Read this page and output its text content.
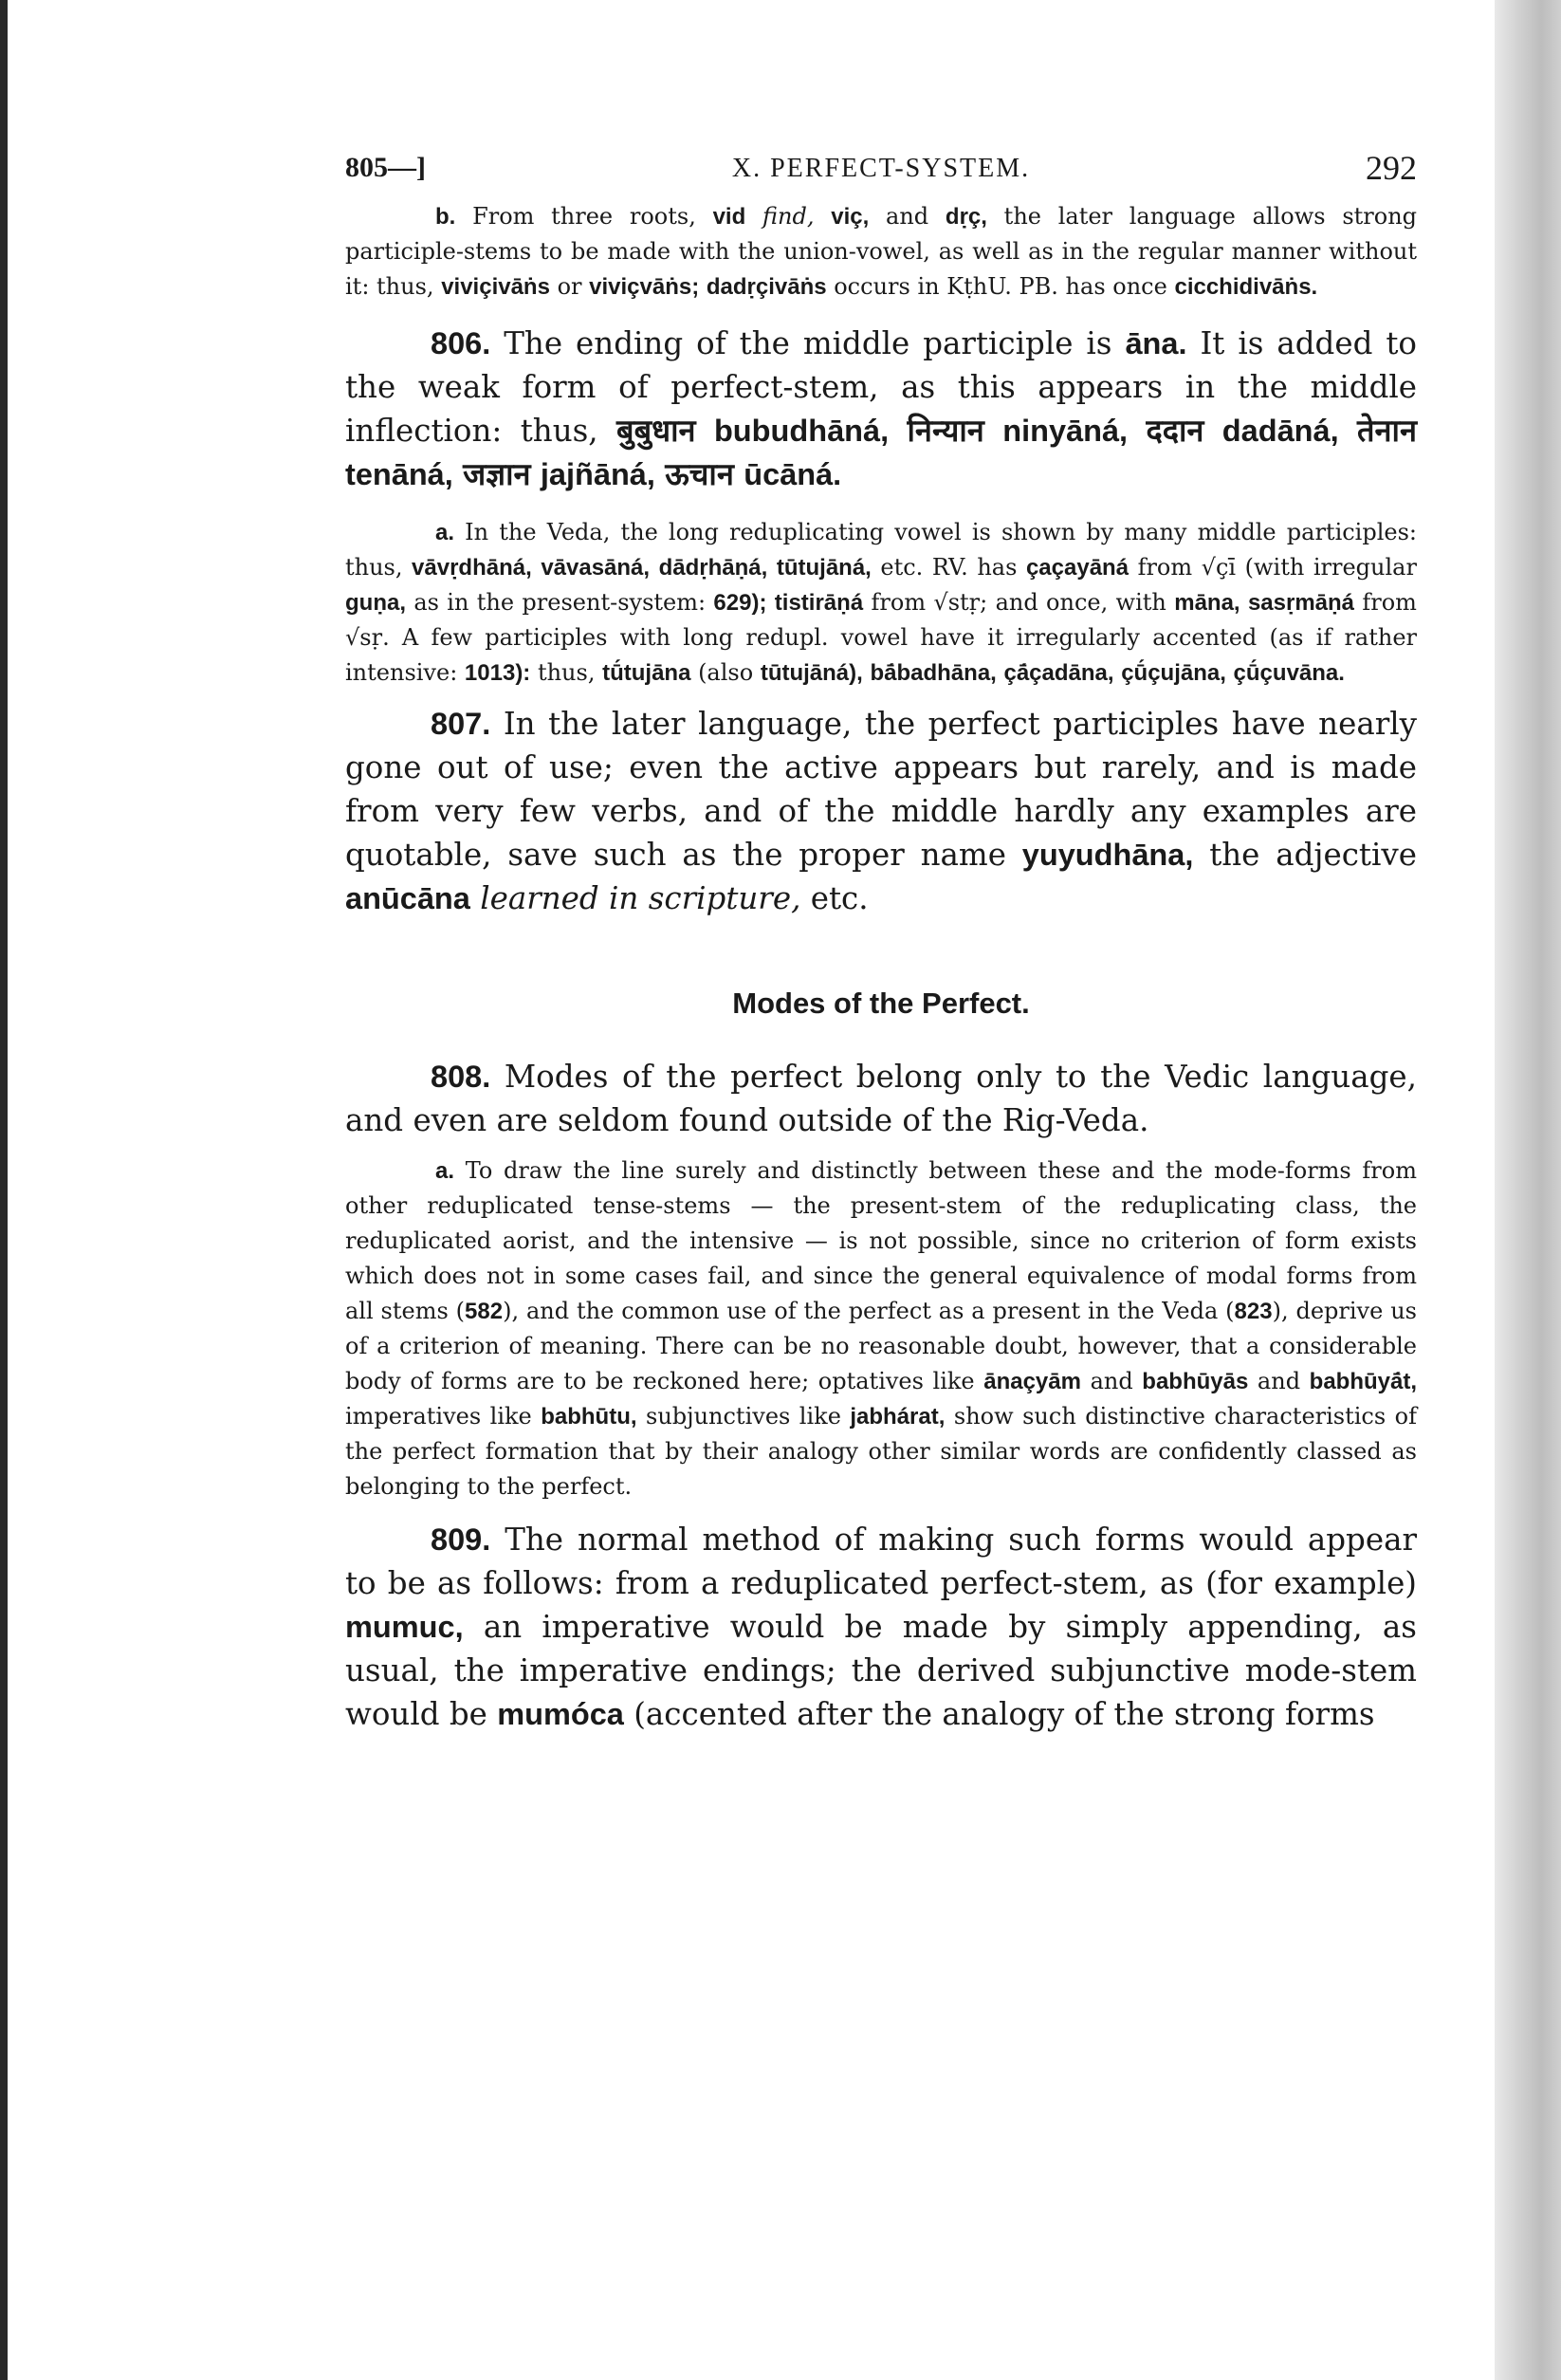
805—]	X. PERFECT-SYSTEM.	292

b. From three roots, vid find, viç, and dṛç, the later language allows strong participle-stems to be made with the union-vowel, as well as in the regular manner without it: thus, viviçivāṅs or viviçvāṅs; dadṛçivāṅs occurs in KṭhU. PB. has once cicchidivāṅs.

806. The ending of the middle participle is āna. It is added to the weak form of perfect-stem, as this appears in the middle inflection: thus, बुबुधान bubudhāná, निन्यान ninyāná, ददान dadāná, तेनान tenāná, जज्ञान jajñāná, ऊचान ūcāná.

a. In the Veda, the long reduplicating vowel is shown by many middle participles: thus, vāvṛdhāná, vāvasāná, dādṛhāṇá, tūtujāná, etc. RV. has çaçayāná from √çī (with irregular guṇa, as in the present-system: 629); tistirāṇá from √stṛ; and once, with māna, sasṛmāṇá from √sṛ. A few participles with long redupl. vowel have it irregularly accented (as if rather intensive: 1013): thus, tū́tujāna (also tūtujāná), bā́badhāna, çā́çadāna, çū́çujāna, çū́çuvāna.

807. In the later language, the perfect participles have nearly gone out of use; even the active appears but rarely, and is made from very few verbs, and of the middle hardly any examples are quotable, save such as the proper name yuyudhāna, the adjective anūcāna learned in scripture, etc.

Modes of the Perfect.

808. Modes of the perfect belong only to the Vedic language, and even are seldom found outside of the Rig-Veda.

a. To draw the line surely and distinctly between these and the mode-forms from other reduplicated tense-stems — the present-stem of the reduplicating class, the reduplicated aorist, and the intensive — is not possible, since no criterion of form exists which does not in some cases fail, and since the general equivalence of modal forms from all stems (582), and the common use of the perfect as a present in the Veda (823), deprive us of a criterion of meaning. There can be no reasonable doubt, however, that a considerable body of forms are to be reckoned here; optatives like ānaçyām and babhūyās and babhūyā́t, imperatives like babhūtu, subjunctives like jabhárat, show such distinctive characteristics of the perfect formation that by their analogy other similar words are confidently classed as belonging to the perfect.

809. The normal method of making such forms would appear to be as follows: from a reduplicated perfect-stem, as (for example) mumuc, an imperative would be made by simply appending, as usual, the imperative endings; the derived subjunctive mode-stem would be mumóca (accented after the analogy of the strong forms
